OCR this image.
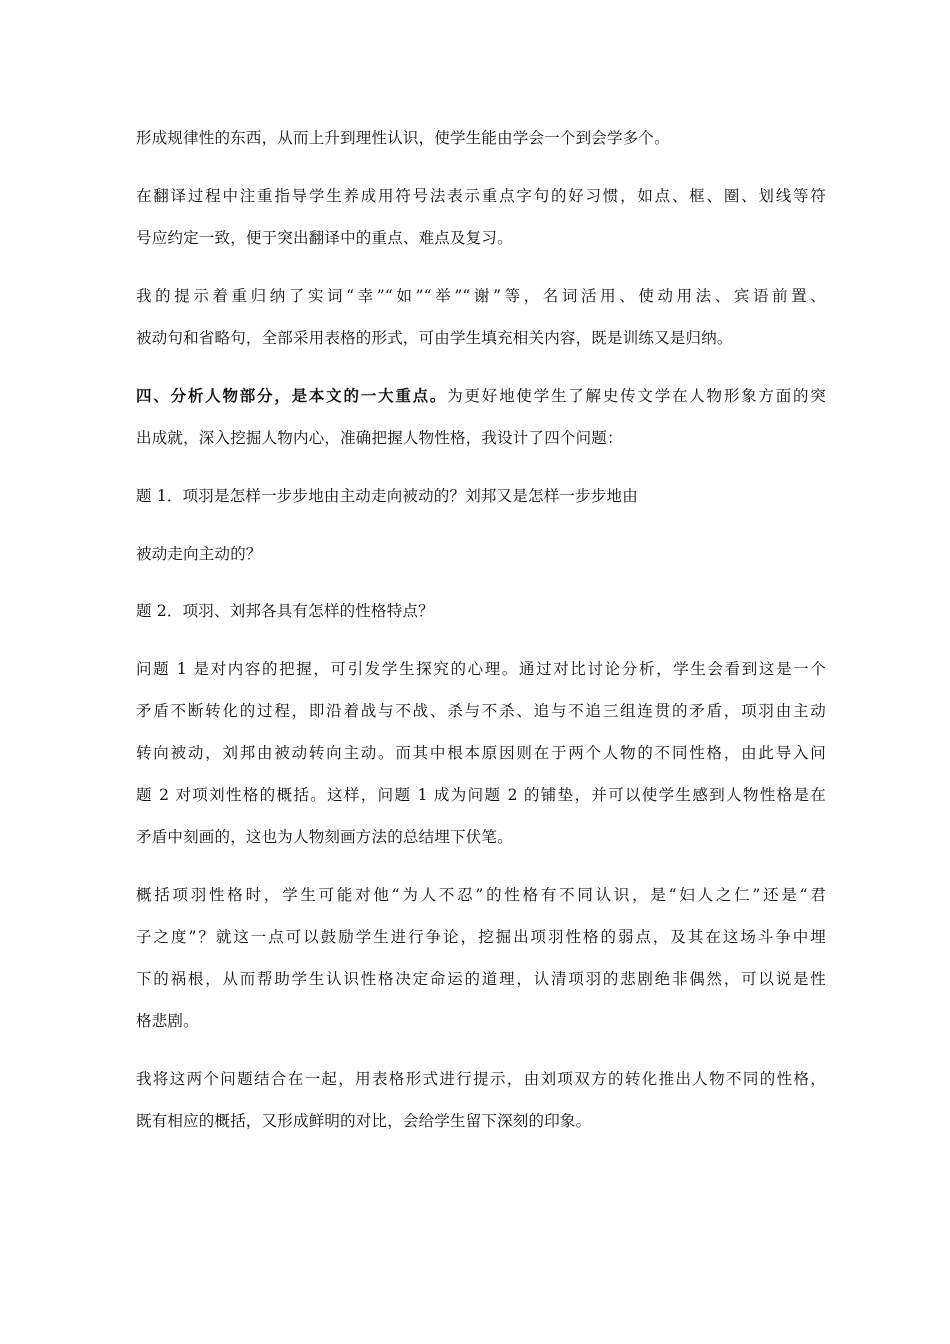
形成规律性的东西，从而上升到理性认识，使学生能由学会一个到会学多个。
在翻译过程中注重指导学生养成用符号法表示重点字句的好习惯，如点、框、圈、划线等符
号应约定一致，便于突出翻译中的重点、难点及复习。
我的提示着重归纳了实词“幸”“如”“举”“谢”等，名词活用、使动用法、宾语前置、
被动句和省略句，全部采用表格的形式，可由学生填充相关内容，既是训练又是归纳。
四、分析人物部分，是本文的一大重点。为更好地使学生了解史传文学在人物形象方面的突
出成就，深入挖掘人物内心，准确把握人物性格，我设计了四个问题：
题 1．项羽是怎样一步步地由主动走向被动的？刘邦又是怎样一步步地由
被动走向主动的？
题 2．项羽、刘邦各具有怎样的性格特点？
问题 1 是对内容的把握，可引发学生探究的心理。通过对比讨论分析，学生会看到这是一个
矛盾不断转化的过程，即沿着战与不战、杀与不杀、追与不追三组连贯的矛盾，项羽由主动
转向被动，刘邦由被动转向主动。而其中根本原因则在于两个人物的不同性格，由此导入问
题 2 对项刘性格的概括。这样，问题 1 成为问题 2 的铺垫，并可以使学生感到人物性格是在
矛盾中刻画的，这也为人物刻画方法的总结埋下伏笔。
概括项羽性格时，学生可能对他“为人不忍”的性格有不同认识，是“妇人之仁”还是“君
子之度”？就这一点可以鼓励学生进行争论，挖掘出项羽性格的弱点，及其在这场斗争中埋
下的祸根，从而帮助学生认识性格决定命运的道理，认清项羽的悲剧绝非偶然，可以说是性
格悲剧。
我将这两个问题结合在一起，用表格形式进行提示，由刘项双方的转化推出人物不同的性格，
既有相应的概括，又形成鲜明的对比，会给学生留下深刻的印象。
